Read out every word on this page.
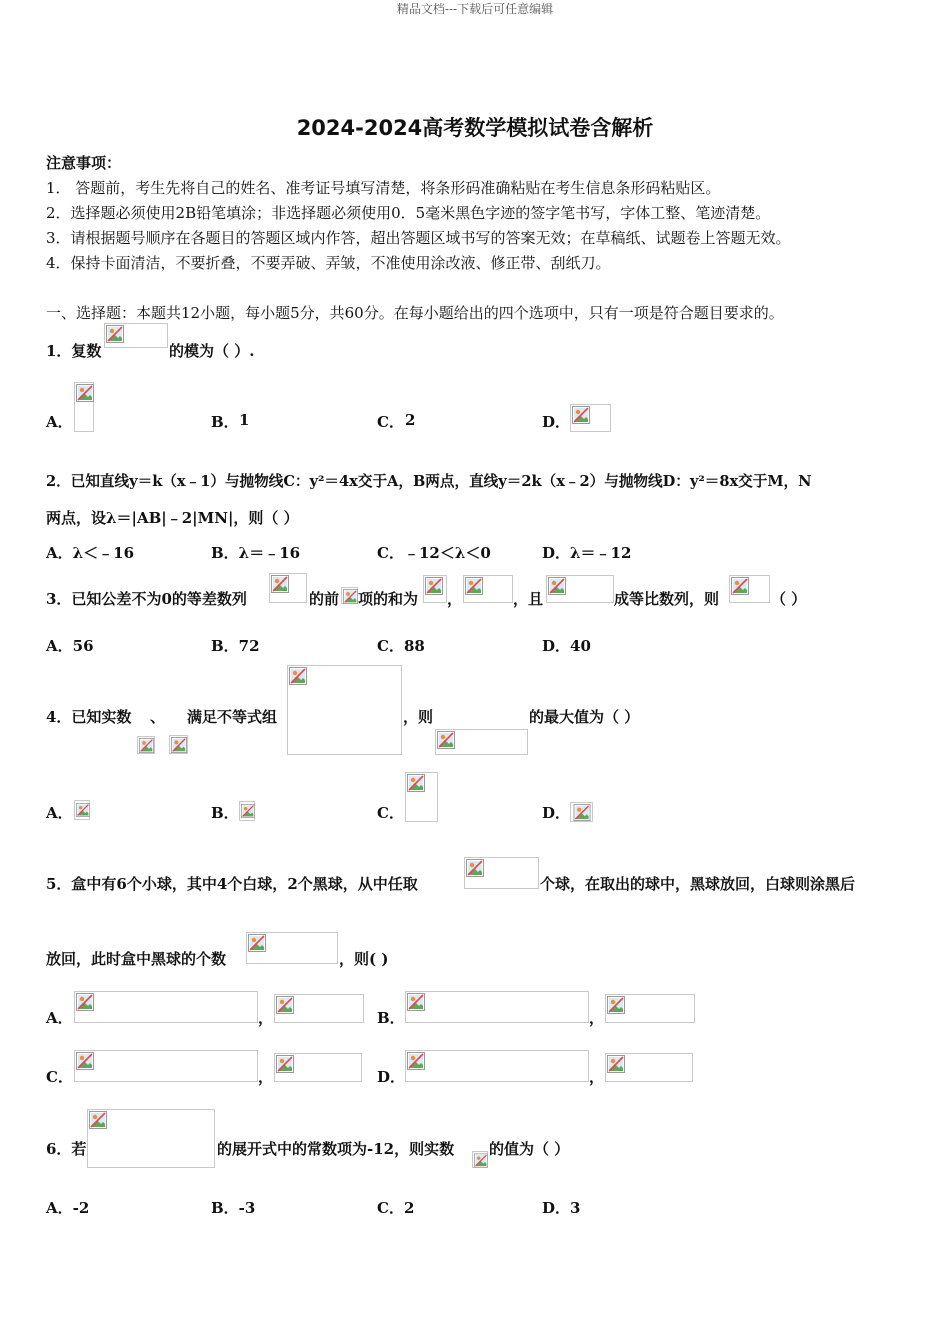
精品文档---下载后可任意编辑
2024-2024高考数学模拟试卷含解析
注意事项：
1． 答题前，考生先将自己的姓名、准考证号填写清楚，将条形码准确粘贴在考生信息条形码粘贴区。
2．选择题必须使用2B铅笔填涂；非选择题必须使用0．5毫米黑色字迹的签字笔书写，字体工整、笔迹清楚。
3．请根据题号顺序在各题目的答题区域内作答，超出答题区域书写的答案无效；在草稿纸、试题卷上答题无效。
4．保持卡面清洁，不要折叠，不要弄破、弄皱，不准使用涂改液、修正带、刮纸刀。
一、选择题：本题共12小题，每小题5分，共60分。在每小题给出的四个选项中，只有一项是符合题目要求的。
1．复数	的模为（ ）.
A．	B． 1	C． 2	D．
2．已知直线y＝k（x﹣1）与抛物线C：y²＝4x交于A，B两点，直线y＝2k（x﹣2）与抛物线D：y²＝8x交于M，N
两点，设λ＝|AB|﹣2|MN|，则（ ）
A．λ＜﹣16	B．λ＝﹣16	C．﹣12＜λ＜0	D．λ＝﹣12
3．已知公差不为0的等差数列	的前 项的和为 ，	，且	成等比数列，则	（ ）
A．56	B．72	C．88	D．40
4．已知实数 、 满足不等式组	，则	的最大值为（ ）
A．	B．	C．	D．
5．盒中有6个小球，其中4个白球，2个黑球，从中任取	个球，在取出的球中，黑球放回，白球则涂黑后
放回，此时盒中黑球的个数	，则( )
A．	，	B．	，
C．	，	D．	，
6．若	的展开式中的常数项为-12，则实数 的值为（ ）
A．-2	B．-3	C．2	D．3
